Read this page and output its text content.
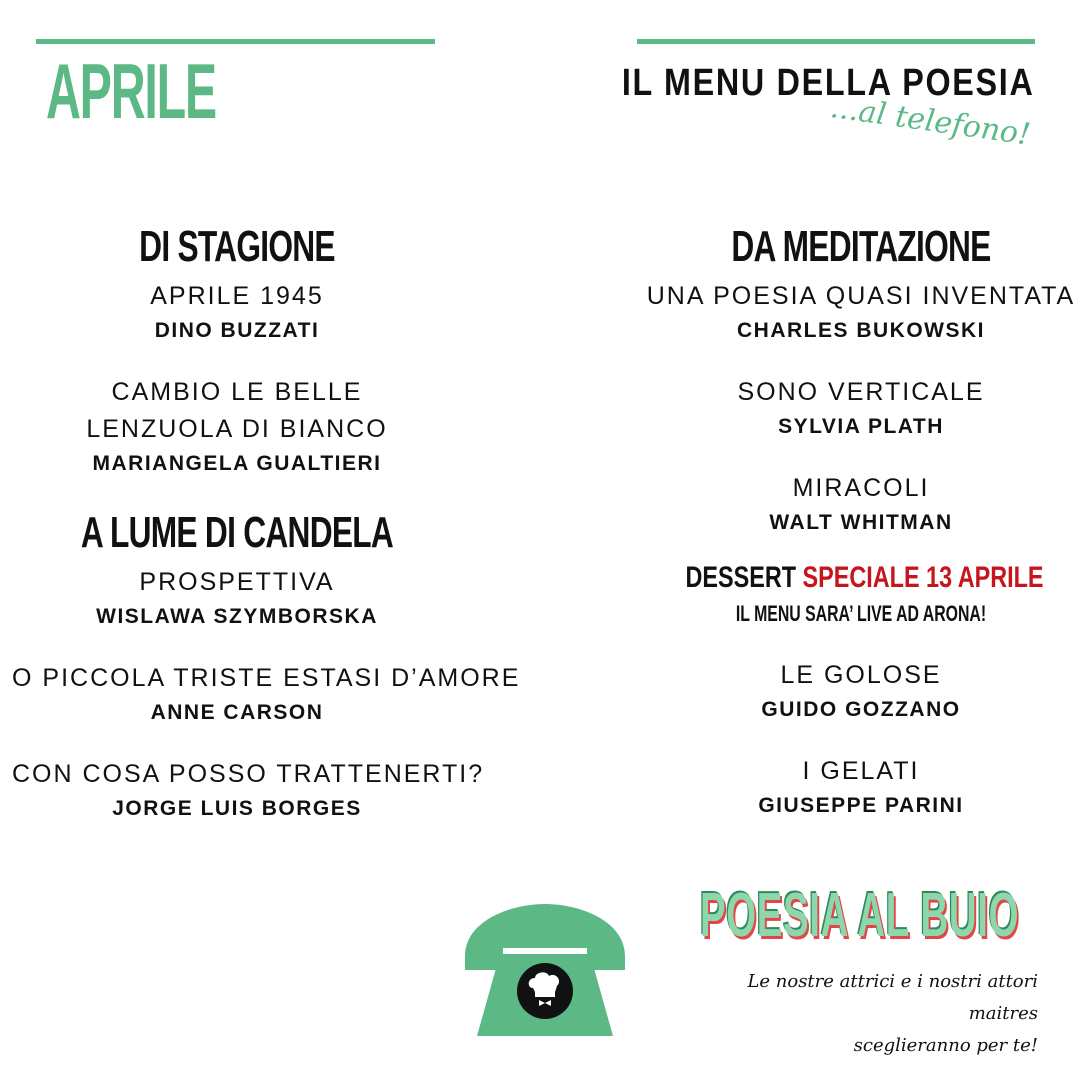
APRILE	IL MENU DELLA POESIA
...al telefono!
DI STAGIONE
APRILE 1945
DINO BUZZATI
CAMBIO LE BELLE
LENZUOLA DI BIANCO
MARIANGELA GUALTIERI
A LUME DI CANDELA
PROSPETTIVA
WISLAWA SZYMBORSKA
O PICCOLA TRISTE ESTASI D’AMORE
ANNE CARSON
CON COSA POSSO TRATTENERTI?
JORGE LUIS BORGES
DA MEDITAZIONE
UNA POESIA QUASI INVENTATA
CHARLES BUKOWSKI
SONO VERTICALE
SYLVIA PLATH
MIRACOLI
WALT WHITMAN
DESSERT SPECIALE 13 APRILE
IL MENU SARA’ LIVE AD ARONA!
LE GOLOSE
GUIDO GOZZANO
I GELATI
GIUSEPPE PARINI
POESIA AL BUIO
Le nostre attrici e i nostri attori maitres
sceglieranno per te!
